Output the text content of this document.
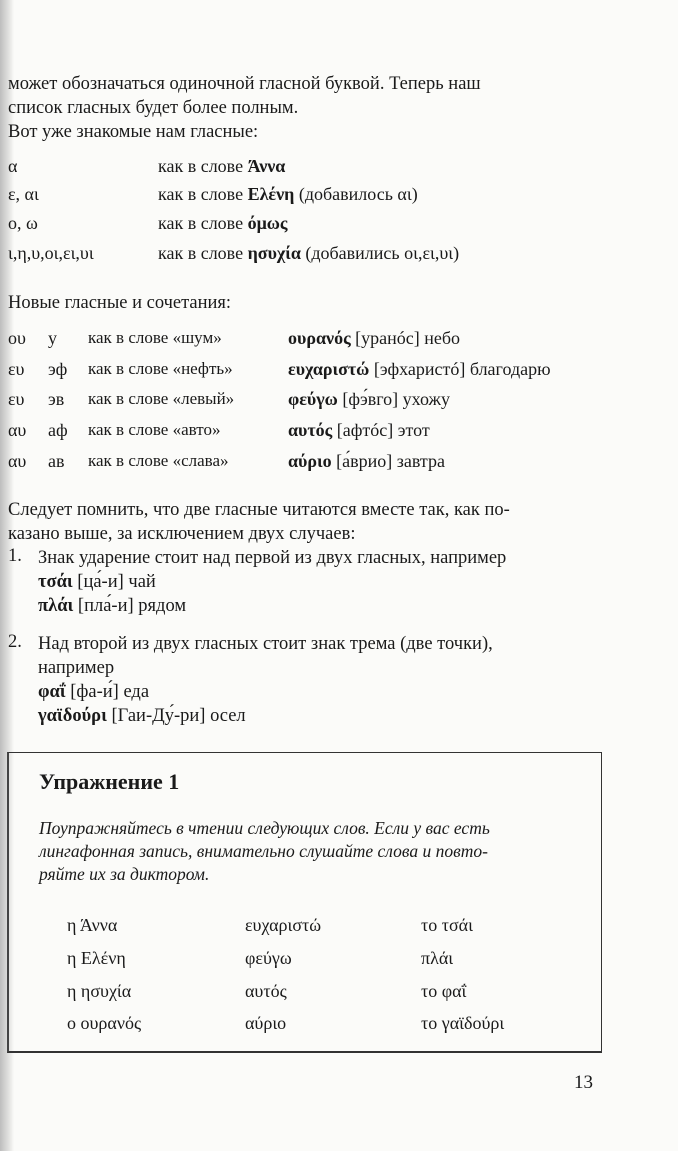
может обозначаться одиночной гласной буквой. Теперь наш
список гласных будет более полным.
Вот уже знакомые нам гласные:
α	как в слове Άννα
ε, αι	как в слове Ελένη (добавилось αι)
ο, ω	как в слове όμως
ι,η,υ,οι,ει,υι	как в слове ησυχία (добавились οι,ει,υι)
Новые гласные и сочетания:
ου у как в слове «шум»	ουρανός [уранóс] небо
ευ эф как в слове «нефть»	ευχαριστώ [эфхаристó] благодарю
ευ эв как в слове «левый»	φεύγω [фэ́вго] ухожу
αυ аф как в слове «авто»	αυτός [афтóс] этот
αυ ав как в слове «слава»	αύριο [а́врио] завтра
Следует помнить, что две гласные читаются вместе так, как по-
казано выше, за исключением двух случаев:
1. Знак ударение стоит над первой из двух гласных, например
τσάι [ца́-и] чай
πλάι [пла́-и] рядом
2. Над второй из двух гласных стоит знак трема (две точки),
например
φαΐ [фа-и́] еда
γαϊδούρι [Гаи-Ду́-ри] осел
Упражнение 1
Поупражняйтесь в чтении следующих слов. Если у вас есть
лингафонная запись, внимательно слушайте слова и повто-
ряйте их за диктором.
η Άννα	ευχαριστώ	το τσάι
η Ελένη	φεύγω	πλάι
η ησυχία	αυτός	το φαΐ
ο ουρανός	αύριο	το γαϊδούρι
13
